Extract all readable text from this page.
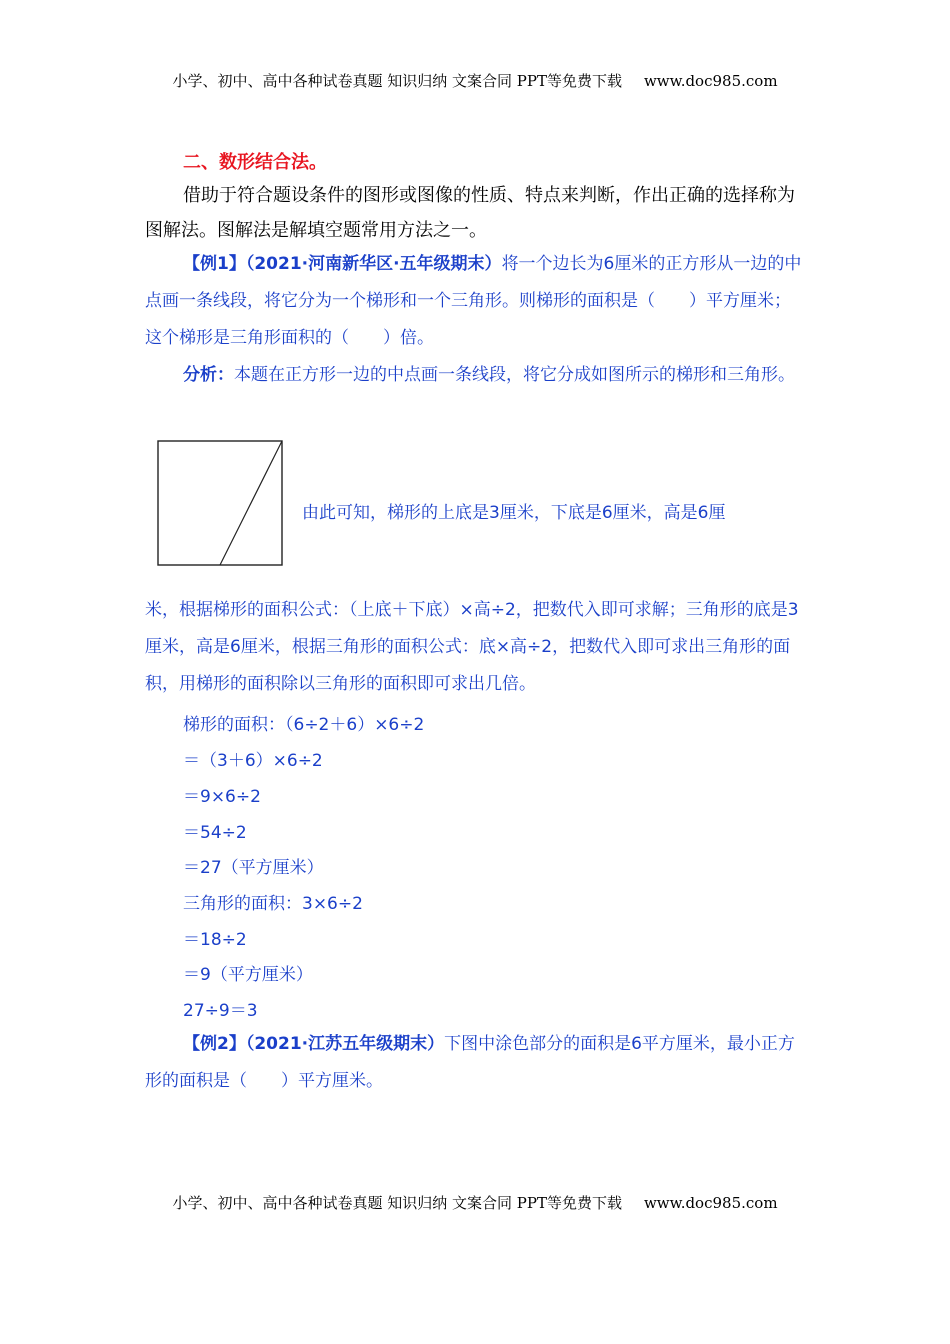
小学、初中、高中各种试卷真题 知识归纳 文案合同 PPT等免费下载 www.doc985.com
二、数形结合法。
借助于符合题设条件的图形或图像的性质、特点来判断，作出正确的选择称为图解法。图解法是解填空题常用方法之一。
【例1】（2021·河南新华区·五年级期末）将一个边长为6厘米的正方形从一边的中点画一条线段，将它分为一个梯形和一个三角形。则梯形的面积是（　　）平方厘米；这个梯形是三角形面积的（　　）倍。
分析：本题在正方形一边的中点画一条线段，将它分成如图所示的梯形和三角形。
由此可知，梯形的上底是3厘米，下底是6厘米，高是6厘
米，根据梯形的面积公式：（上底＋下底）×高÷2，把数代入即可求解；三角形的底是3厘米，高是6厘米，根据三角形的面积公式：底×高÷2，把数代入即可求出三角形的面积，用梯形的面积除以三角形的面积即可求出几倍。
梯形的面积：（6÷2＋6）×6÷2
＝（3＋6）×6÷2
＝9×6÷2
＝54÷2
＝27（平方厘米）
三角形的面积：3×6÷2
＝18÷2
＝9（平方厘米）
27÷9＝3
【例2】（2021·江苏五年级期末）下图中涂色部分的面积是6平方厘米，最小正方形的面积是（　　）平方厘米。
小学、初中、高中各种试卷真题 知识归纳 文案合同 PPT等免费下载 www.doc985.com
